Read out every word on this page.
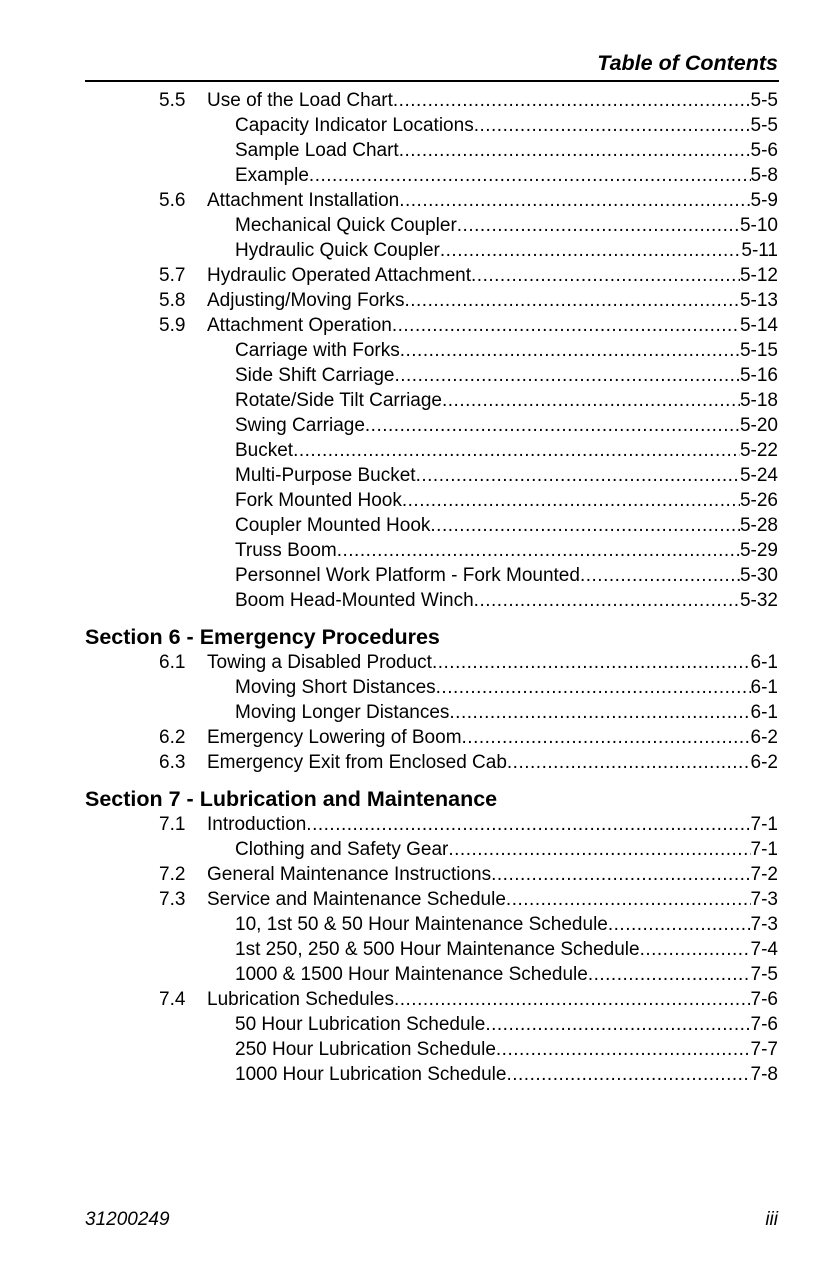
Table of Contents
5.5	Use of the Load Chart .....	5-5
Capacity Indicator Locations .....	5-5
Sample Load Chart .....	5-6
Example .....	5-8
5.6	Attachment Installation .....	5-9
Mechanical Quick Coupler .....	5-10
Hydraulic Quick Coupler .....	5-11
5.7	Hydraulic Operated Attachment .....	5-12
5.8	Adjusting/Moving Forks .....	5-13
5.9	Attachment Operation .....	5-14
Carriage with Forks .....	5-15
Side Shift Carriage .....	5-16
Rotate/Side Tilt Carriage .....	5-18
Swing Carriage .....	5-20
Bucket .....	5-22
Multi-Purpose Bucket .....	5-24
Fork Mounted Hook .....	5-26
Coupler Mounted Hook .....	5-28
Truss Boom .....	5-29
Personnel Work Platform - Fork Mounted .....	5-30
Boom Head-Mounted Winch .....	5-32
Section 6 - Emergency Procedures
6.1	Towing a Disabled Product .....	6-1
Moving Short Distances .....	6-1
Moving Longer Distances .....	6-1
6.2	Emergency Lowering of Boom .....	6-2
6.3	Emergency Exit from Enclosed Cab .....	6-2
Section 7 - Lubrication and Maintenance
7.1	Introduction .....	7-1
Clothing and Safety Gear .....	7-1
7.2	General Maintenance Instructions .....	7-2
7.3	Service and Maintenance Schedule .....	7-3
10, 1st 50 & 50 Hour Maintenance Schedule .....	7-3
1st 250, 250 & 500 Hour Maintenance Schedule .....	7-4
1000 & 1500 Hour Maintenance Schedule .....	7-5
7.4	Lubrication Schedules .....	7-6
50 Hour Lubrication Schedule .....	7-6
250 Hour Lubrication Schedule .....	7-7
1000 Hour Lubrication Schedule .....	7-8
31200249	iii
